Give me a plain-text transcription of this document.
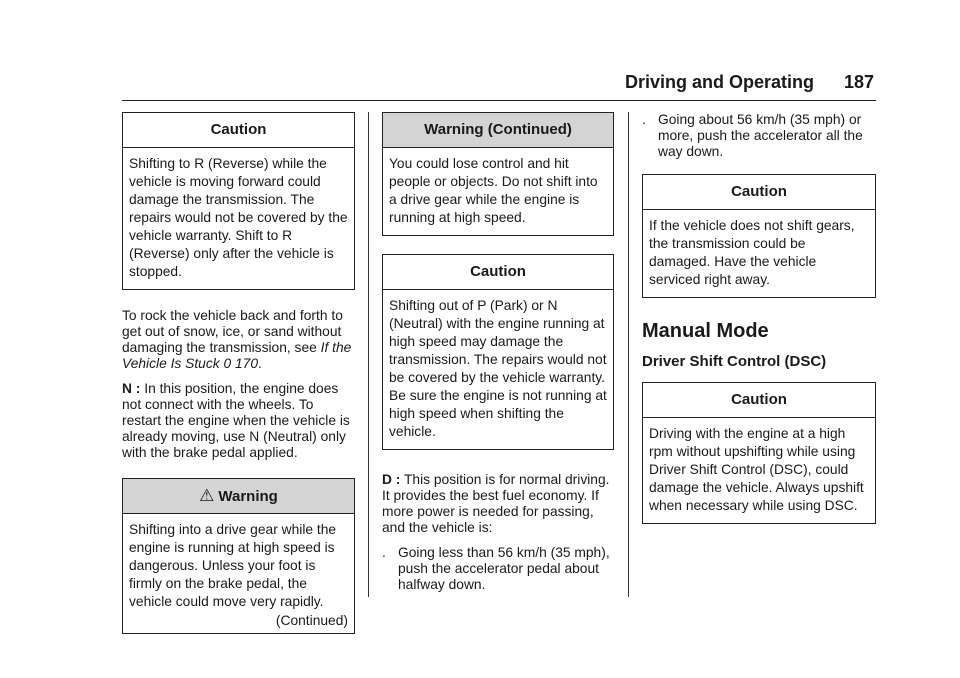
Driving and Operating 187
Caution
Shifting to R (Reverse) while the vehicle is moving forward could damage the transmission. The repairs would not be covered by the vehicle warranty. Shift to R (Reverse) only after the vehicle is stopped.

To rock the vehicle back and forth to get out of snow, ice, or sand without damaging the transmission, see If the Vehicle Is Stuck 0 170.

N : In this position, the engine does not connect with the wheels. To restart the engine when the vehicle is already moving, use N (Neutral) only with the brake pedal applied.

⚠ Warning
Shifting into a drive gear while the engine is running at high speed is dangerous. Unless your foot is firmly on the brake pedal, the vehicle could move very rapidly.
(Continued)
Warning (Continued)
You could lose control and hit people or objects. Do not shift into a drive gear while the engine is running at high speed.
Caution
Shifting out of P (Park) or N (Neutral) with the engine running at high speed may damage the transmission. The repairs would not be covered by the vehicle warranty. Be sure the engine is not running at high speed when shifting the vehicle.

D : This position is for normal driving. It provides the best fuel economy. If more power is needed for passing, and the vehicle is:

. Going less than 56 km/h (35 mph), push the accelerator pedal about halfway down.
. Going about 56 km/h (35 mph) or more, push the accelerator all the way down.
Caution
If the vehicle does not shift gears, the transmission could be damaged. Have the vehicle serviced right away.
Manual Mode
Driver Shift Control (DSC)
Caution
Driving with the engine at a high rpm without upshifting while using Driver Shift Control (DSC), could damage the vehicle. Always upshift when necessary while using DSC.
